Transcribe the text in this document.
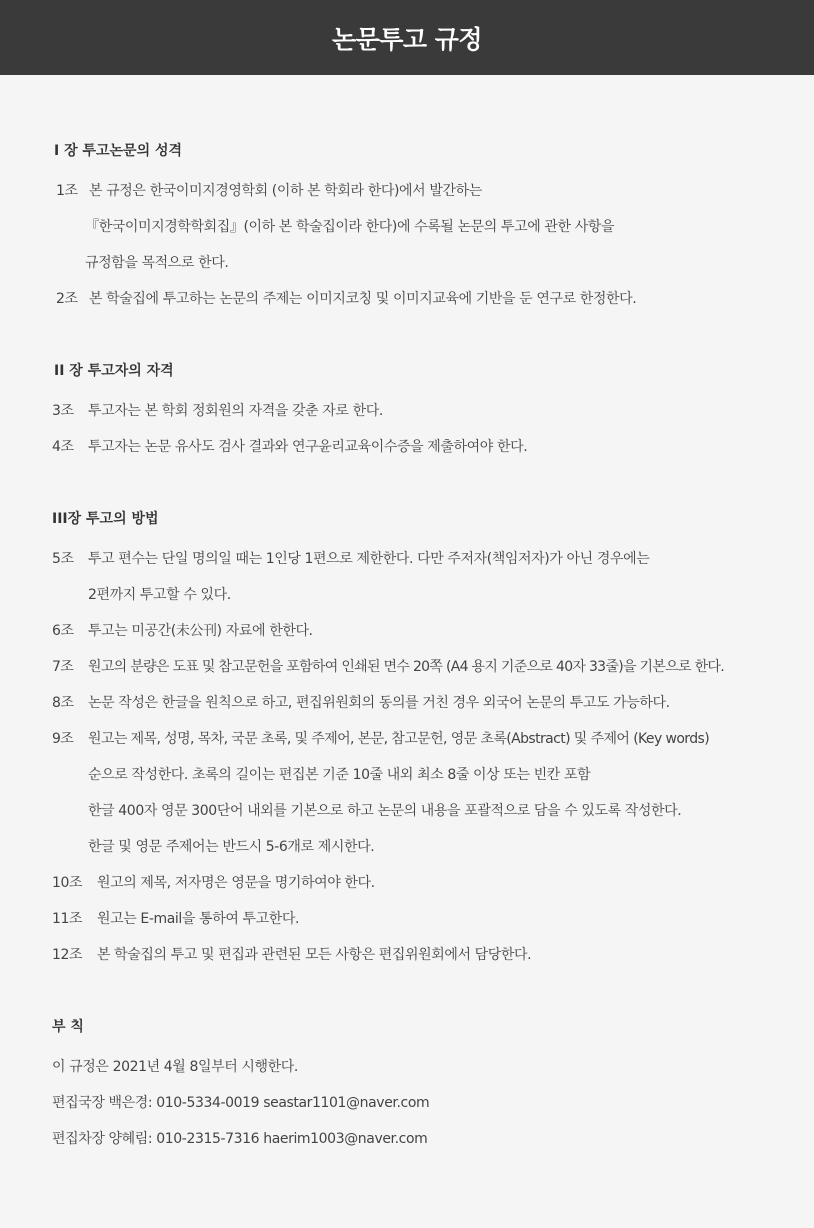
논문투고 규정
Ⅰ 장 투고논문의 성격

1조 본 규정은 한국이미지경영학회 (이하 본 학회라 한다)에서 발간하는

『한국이미지경학학회집』(이하 본 학술집이라 한다)에 수록될 논문의 투고에 관한 사항을

규정함을 목적으로 한다.

2조 본 학술집에 투고하는 논문의 주제는 이미지코칭 및 이미지교육에 기반을 둔 연구로 한정한다.

II 장 투고자의 자격

3조 투고자는 본 학회 정회원의 자격을 갖춘 자로 한다.

4조 투고자는 논문 유사도 검사 결과와 연구윤리교육이수증을 제출하여야 한다.

III장 투고의 방법

5조 투고 편수는 단일 명의일 때는 1인당 1편으로 제한한다. 다만 주저자(책임저자)가 아닌 경우에는

2편까지 투고할 수 있다.

6조 투고는 미공간(未公刊) 자료에 한한다.

7조 원고의 분량은 도표 및 참고문헌을 포함하여 인쇄된 면수 20쪽 (A4 용지 기준으로 40자 33줄)을 기본으로 한다.

8조 논문 작성은 한글을 원칙으로 하고, 편집위원회의 동의를 거친 경우 외국어 논문의 투고도 가능하다.

9조 원고는 제목, 성명, 목차, 국문 초록, 및 주제어, 본문, 참고문헌, 영문 초록(Abstract) 및 주제어 (Key words)

순으로 작성한다. 초록의 길이는 편집본 기준 10줄 내외 최소 8줄 이상 또는 빈칸 포함

한글 400자 영문 300단어 내외를 기본으로 하고 논문의 내용을 포괄적으로 담을 수 있도록 작성한다.

한글 및 영문 주제어는 반드시 5-6개로 제시한다.

10조 원고의 제목, 저자명은 영문을 명기하여야 한다.

11조 원고는 E-mail을 통하여 투고한다.

12조 본 학술집의 투고 및 편집과 관련된 모든 사항은 편집위원회에서 담당한다.

부 칙

이 규정은 2021년 4월 8일부터 시행한다.

편집국장 백은경: 010-5334-0019 seastar1101@naver.com

편집차장 양혜림: 010-2315-7316 haerim1003@naver.com
